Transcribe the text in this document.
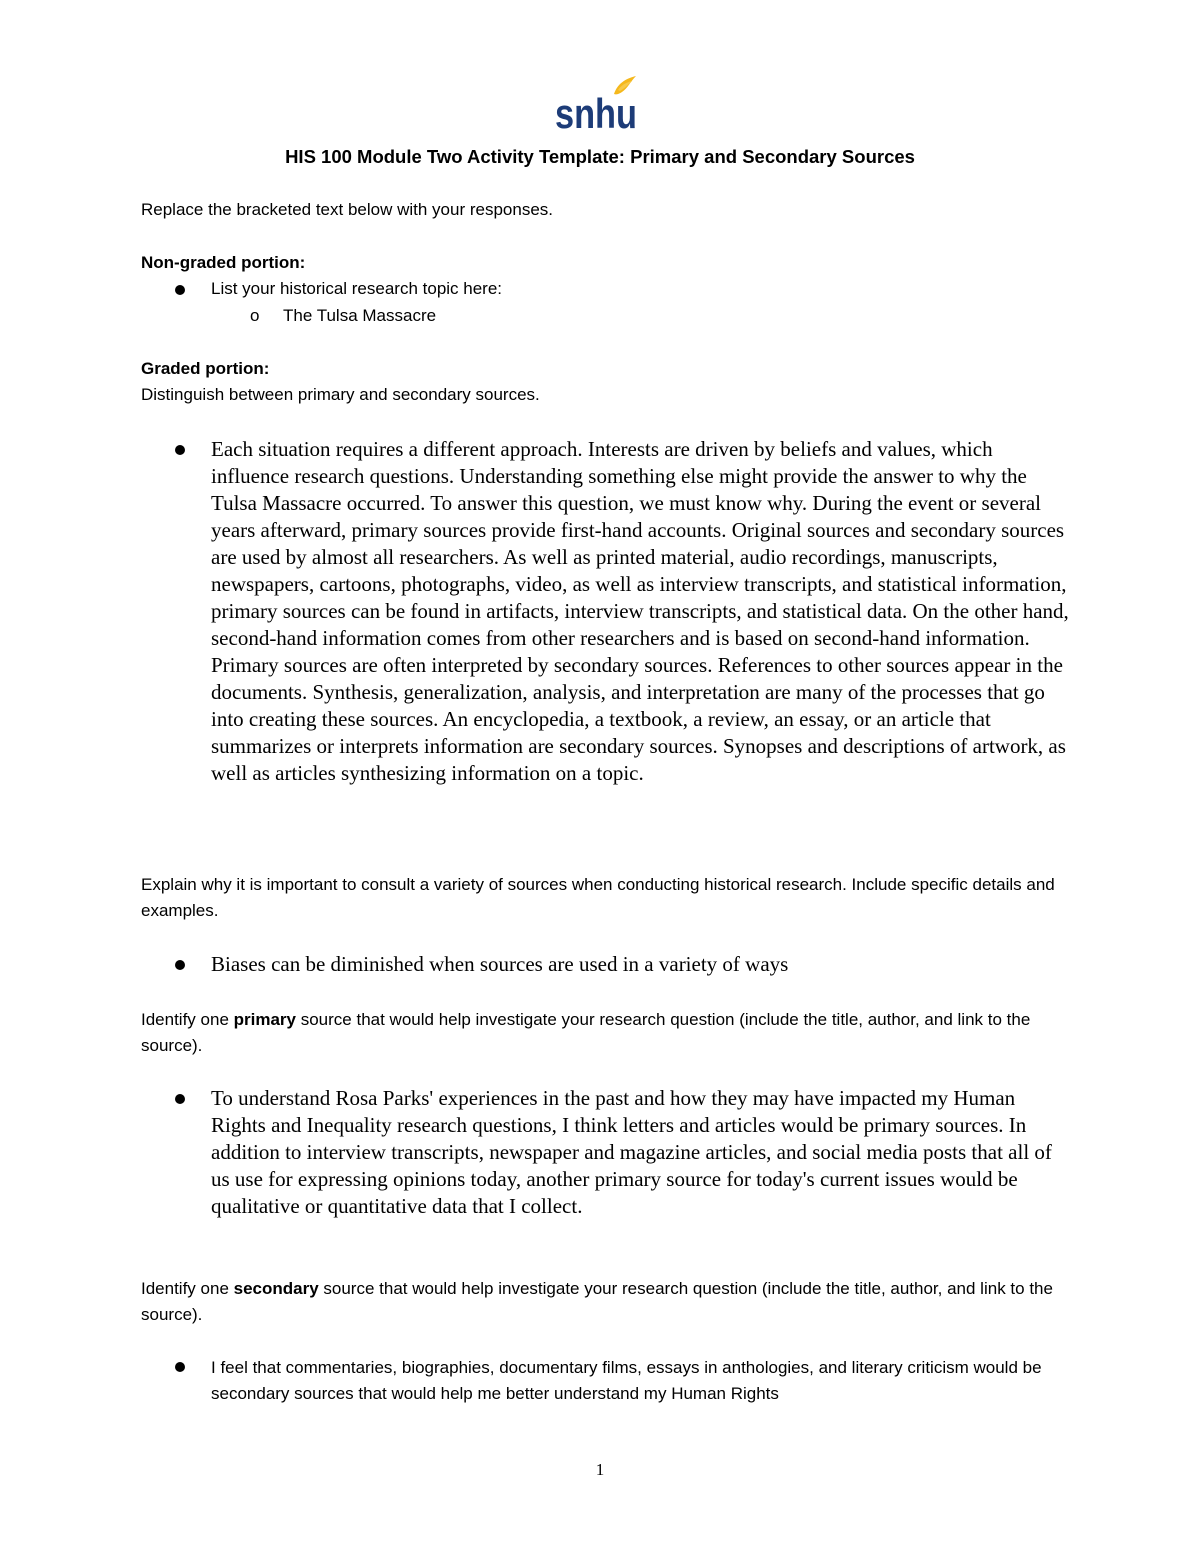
snhu
HIS 100 Module Two Activity Template: Primary and Secondary Sources
Replace the bracketed text below with your responses.
Non-graded portion:
List your historical research topic here:
o The Tulsa Massacre
Graded portion:
Distinguish between primary and secondary sources.

Each situation requires a different approach. Interests are driven by beliefs and values, which influence research questions. Understanding something else might provide the answer to why the Tulsa Massacre occurred. To answer this question, we must know why. During the event or several years afterward, primary sources provide first-hand accounts. Original sources and secondary sources are used by almost all researchers. As well as printed material, audio recordings, manuscripts, newspapers, cartoons, photographs, video, as well as interview transcripts, and statistical information, primary sources can be found in artifacts, interview transcripts, and statistical data. On the other hand, second-hand information comes from other researchers and is based on second-hand information. Primary sources are often interpreted by secondary sources. References to other sources appear in the documents. Synthesis, generalization, analysis, and interpretation are many of the processes that go into creating these sources. An encyclopedia, a textbook, a review, an essay, or an article that summarizes or interprets information are secondary sources. Synopses and descriptions of artwork, as well as articles synthesizing information on a topic.

Explain why it is important to consult a variety of sources when conducting historical research. Include specific details and examples.

Biases can be diminished when sources are used in a variety of ways

Identify one primary source that would help investigate your research question (include the title, author, and link to the source).

To understand Rosa Parks' experiences in the past and how they may have impacted my Human Rights and Inequality research questions, I think letters and articles would be primary sources. In addition to interview transcripts, newspaper and magazine articles, and social media posts that all of us use for expressing opinions today, another primary source for today's current issues would be qualitative or quantitative data that I collect.

Identify one secondary source that would help investigate your research question (include the title, author, and link to the source).

I feel that commentaries, biographies, documentary films, essays in anthologies, and literary criticism would be secondary sources that would help me better understand my Human Rights

1
